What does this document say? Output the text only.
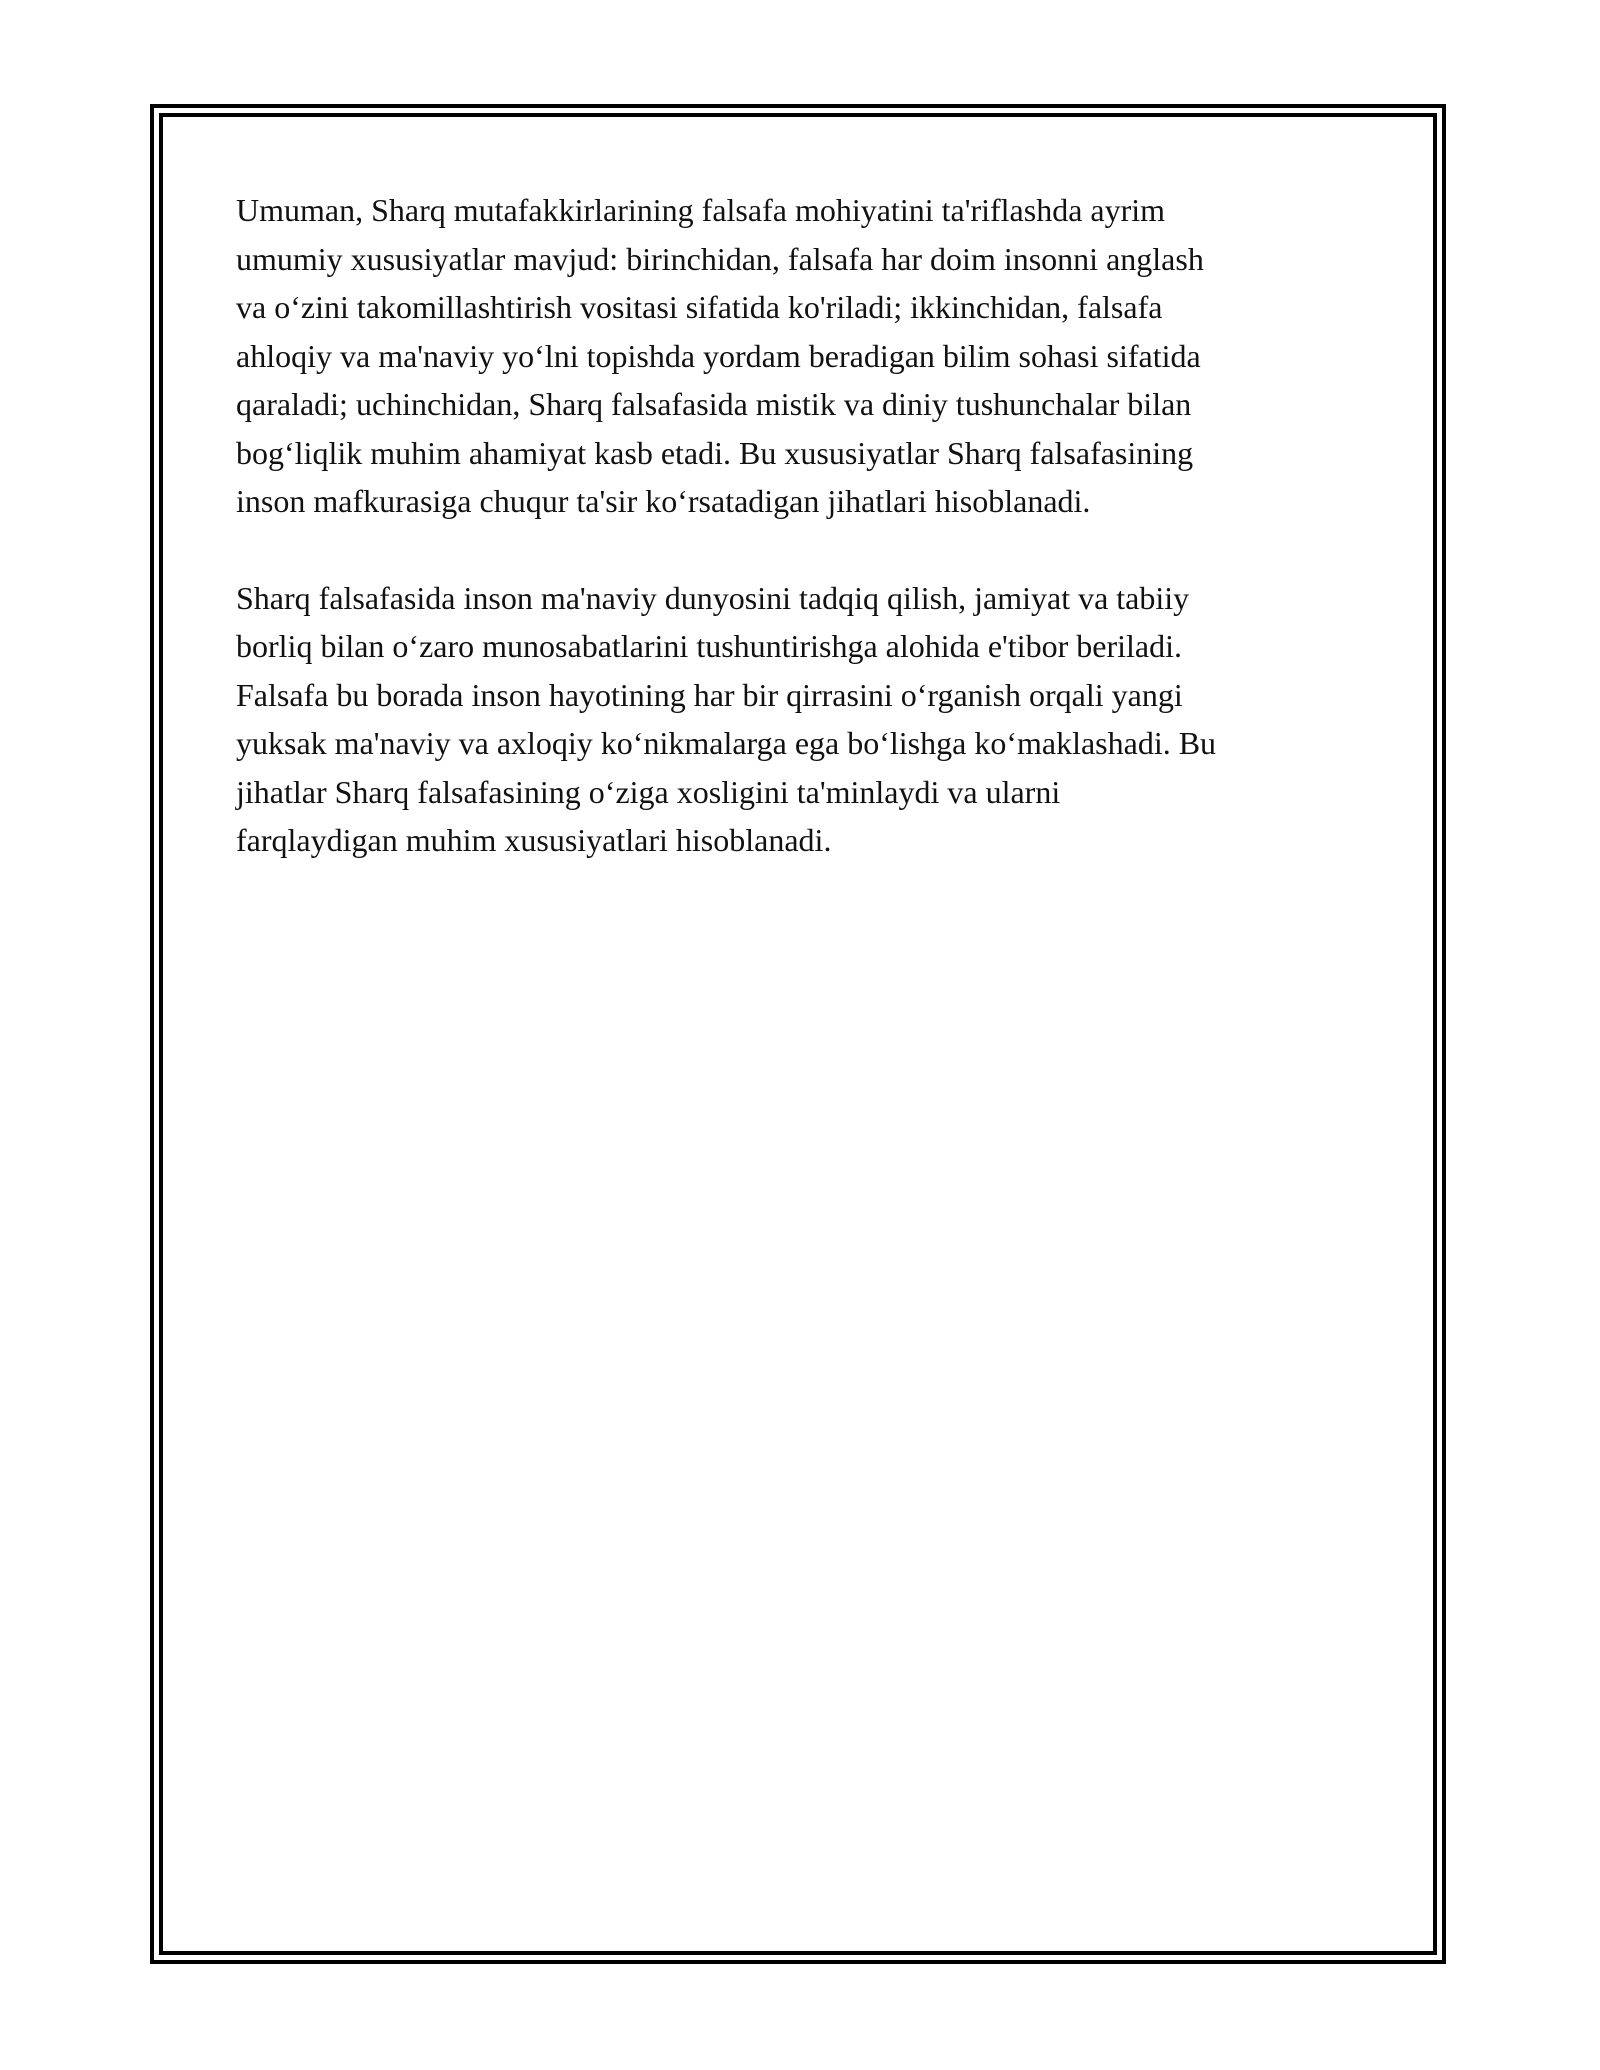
Umuman, Sharq mutafakkirlarining falsafa mohiyatini ta'riflashda ayrim
umumiy xususiyatlar mavjud: birinchidan, falsafa har doim insonni anglash
va o‘zini takomillashtirish vositasi sifatida ko'riladi; ikkinchidan, falsafa
ahloqiy va ma'naviy yo‘lni topishda yordam beradigan bilim sohasi sifatida
qaraladi; uchinchidan, Sharq falsafasida mistik va diniy tushunchalar bilan
bog‘liqlik muhim ahamiyat kasb etadi. Bu xususiyatlar Sharq falsafasining
inson mafkurasiga chuqur ta'sir ko‘rsatadigan jihatlari hisoblanadi.

Sharq falsafasida inson ma'naviy dunyosini tadqiq qilish, jamiyat va tabiiy
borliq bilan o‘zaro munosabatlarini tushuntirishga alohida e'tibor beriladi.
Falsafa bu borada inson hayotining har bir qirrasini o‘rganish orqali yangi
yuksak ma'naviy va axloqiy ko‘nikmalarga ega bo‘lishga ko‘maklashadi. Bu
jihatlar Sharq falsafasining o‘ziga xosligini ta'minlaydi va ularni
farqlaydigan muhim xususiyatlari hisoblanadi.
